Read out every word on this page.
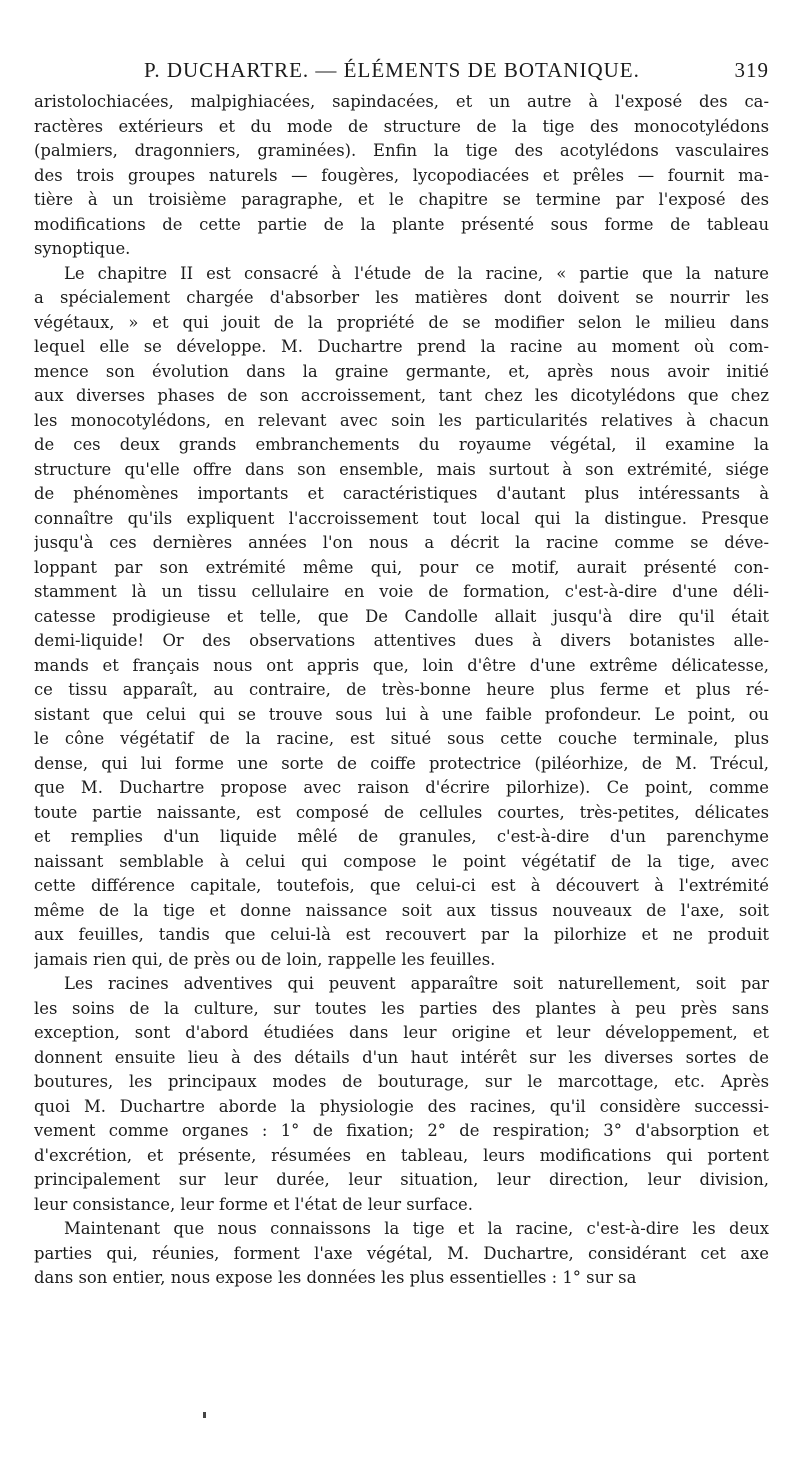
P. DUCHARTRE. — ÉLÉMENTS DE BOTANIQUE.	319
aristolochiacées, malpighiacées, sapindacées, et un autre à l'exposé des ca-
ractères extérieurs et du mode de structure de la tige des monocotylédons
(palmiers, dragonniers, graminées). Enfin la tige des acotylédons vasculaires
des trois groupes naturels — fougères, lycopodiacées et prêles — fournit ma-
tière à un troisième paragraphe, et le chapitre se termine par l'exposé des
modifications de cette partie de la plante présenté sous forme de tableau
synoptique.
Le chapitre II est consacré à l'étude de la racine, « partie que la nature
a spécialement chargée d'absorber les matières dont doivent se nourrir les
végétaux, » et qui jouit de la propriété de se modifier selon le milieu dans
lequel elle se développe. M. Duchartre prend la racine au moment où com-
mence son évolution dans la graine germante, et, après nous avoir initié
aux diverses phases de son accroissement, tant chez les dicotylédons que chez
les monocotylédons, en relevant avec soin les particularités relatives à chacun
de ces deux grands embranchements du royaume végétal, il examine la
structure qu'elle offre dans son ensemble, mais surtout à son extrémité, siége
de phénomènes importants et caractéristiques d'autant plus intéressants à
connaître qu'ils expliquent l'accroissement tout local qui la distingue. Presque
jusqu'à ces dernières années l'on nous a décrit la racine comme se déve-
loppant par son extrémité même qui, pour ce motif, aurait présenté con-
stamment là un tissu cellulaire en voie de formation, c'est-à-dire d'une déli-
catesse prodigieuse et telle, que De Candolle allait jusqu'à dire qu'il était
demi-liquide! Or des observations attentives dues à divers botanistes alle-
mands et français nous ont appris que, loin d'être d'une extrême délicatesse,
ce tissu apparaît, au contraire, de très-bonne heure plus ferme et plus ré-
sistant que celui qui se trouve sous lui à une faible profondeur. Le point, ou
le cône végétatif de la racine, est situé sous cette couche terminale, plus
dense, qui lui forme une sorte de coiffe protectrice (piléorhize, de M. Trécul,
que M. Duchartre propose avec raison d'écrire pilorhize). Ce point, comme
toute partie naissante, est composé de cellules courtes, très-petites, délicates
et remplies d'un liquide mêlé de granules, c'est-à-dire d'un parenchyme
naissant semblable à celui qui compose le point végétatif de la tige, avec
cette différence capitale, toutefois, que celui-ci est à découvert à l'extrémité
même de la tige et donne naissance soit aux tissus nouveaux de l'axe, soit
aux feuilles, tandis que celui-là est recouvert par la pilorhize et ne produit
jamais rien qui, de près ou de loin, rappelle les feuilles.
Les racines adventives qui peuvent apparaître soit naturellement, soit par
les soins de la culture, sur toutes les parties des plantes à peu près sans
exception, sont d'abord étudiées dans leur origine et leur développement, et
donnent ensuite lieu à des détails d'un haut intérêt sur les diverses sortes de
boutures, les principaux modes de bouturage, sur le marcottage, etc. Après
quoi M. Duchartre aborde la physiologie des racines, qu'il considère successi-
vement comme organes : 1° de fixation; 2° de respiration; 3° d'absorption et
d'excrétion, et présente, résumées en tableau, leurs modifications qui portent
principalement sur leur durée, leur situation, leur direction, leur division,
leur consistance, leur forme et l'état de leur surface.
Maintenant que nous connaissons la tige et la racine, c'est-à-dire les deux
parties qui, réunies, forment l'axe végétal, M. Duchartre, considérant cet axe
dans son entier, nous expose les données les plus essentielles : 1° sur sa
